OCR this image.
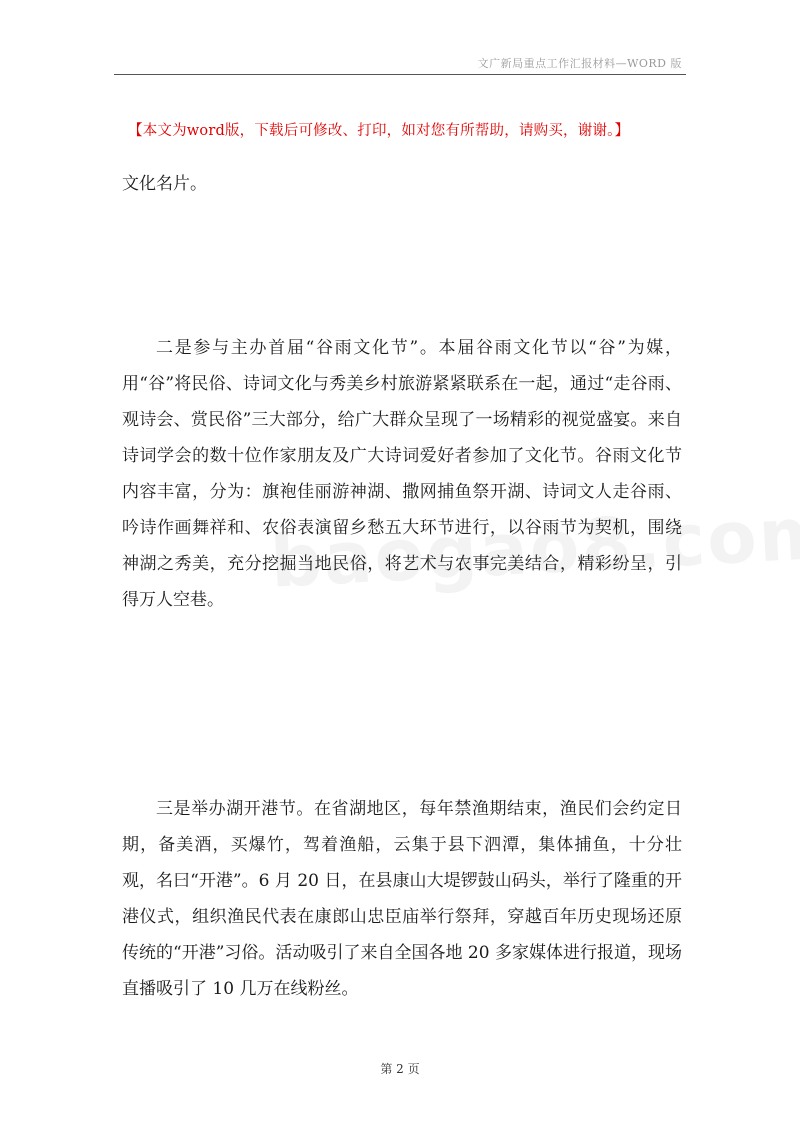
文广新局重点工作汇报材料—WORD 版
【本文为word版，下载后可修改、打印，如对您有所帮助，请购买，谢谢。】
文化名片。

二是参与主办首届“谷雨文化节”。本届谷雨文化节以“谷”为媒，用“谷”将民俗、诗词文化与秀美乡村旅游紧紧联系在一起，通过“走谷雨、观诗会、赏民俗”三大部分，给广大群众呈现了一场精彩的视觉盛宴。来自诗词学会的数十位作家朋友及广大诗词爱好者参加了文化节。谷雨文化节内容丰富，分为：旗袍佳丽游神湖、撒网捕鱼祭开湖、诗词文人走谷雨、吟诗作画舞祥和、农俗表演留乡愁五大环节进行，以谷雨节为契机，围绕神湖之秀美，充分挖掘当地民俗，将艺术与农事完美结合，精彩纷呈，引得万人空巷。

三是举办湖开港节。在省湖地区，每年禁渔期结束，渔民们会约定日期，备美酒，买爆竹，驾着渔船，云集于县下泗潭，集体捕鱼，十分壮观，名曰“开港”。6 月 20 日，在县康山大堤锣鼓山码头，举行了隆重的开港仪式，组织渔民代表在康郎山忠臣庙举行祭拜，穿越百年历史现场还原传统的“开港”习俗。活动吸引了来自全国各地 20 多家媒体进行报道，现场直播吸引了 10 几万在线粉丝。

第 2 页
